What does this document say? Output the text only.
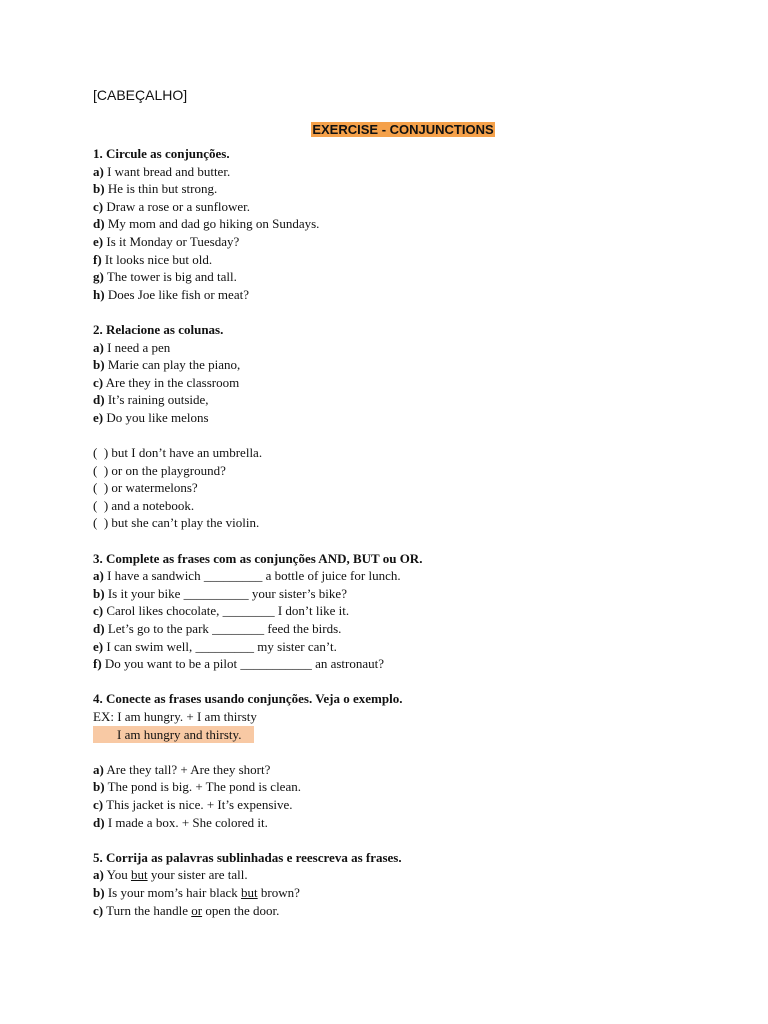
[CABEÇALHO]
EXERCISE - CONJUNCTIONS
1. Circule as conjunções.
a) I want bread and butter.
b) He is thin but strong.
c) Draw a rose or a sunflower.
d) My mom and dad go hiking on Sundays.
e) Is it Monday or Tuesday?
f) It looks nice but old.
g) The tower is big and tall.
h) Does Joe like fish or meat?
2. Relacione as colunas.
a) I need a pen
b) Marie can play the piano,
c) Are they in the classroom
d) It’s raining outside,
e) Do you like melons
(  ) but I don’t have an umbrella.
(  ) or on the playground?
(  ) or watermelons?
(  ) and a notebook.
(  ) but she can’t play the violin.
3. Complete as frases com as conjunções AND, BUT ou OR.
a) I have a sandwich _________ a bottle of juice for lunch.
b) Is it your bike __________ your sister’s bike?
c) Carol likes chocolate, ________ I don’t like it.
d) Let’s go to the park ________ feed the birds.
e) I can swim well, _________ my sister can’t.
f) Do you want to be a pilot ___________ an astronaut?
4. Conecte as frases usando conjunções. Veja o exemplo.
EX: I am hungry. + I am thirsty
I am hungry and thirsty.
a) Are they tall? + Are they short?
b) The pond is big. + The pond is clean.
c) This jacket is nice. + It’s expensive.
d) I made a box. + She colored it.
5. Corrija as palavras sublinhadas e reescreva as frases.
a) You but your sister are tall.
b) Is your mom’s hair black but brown?
c) Turn the handle or open the door.
